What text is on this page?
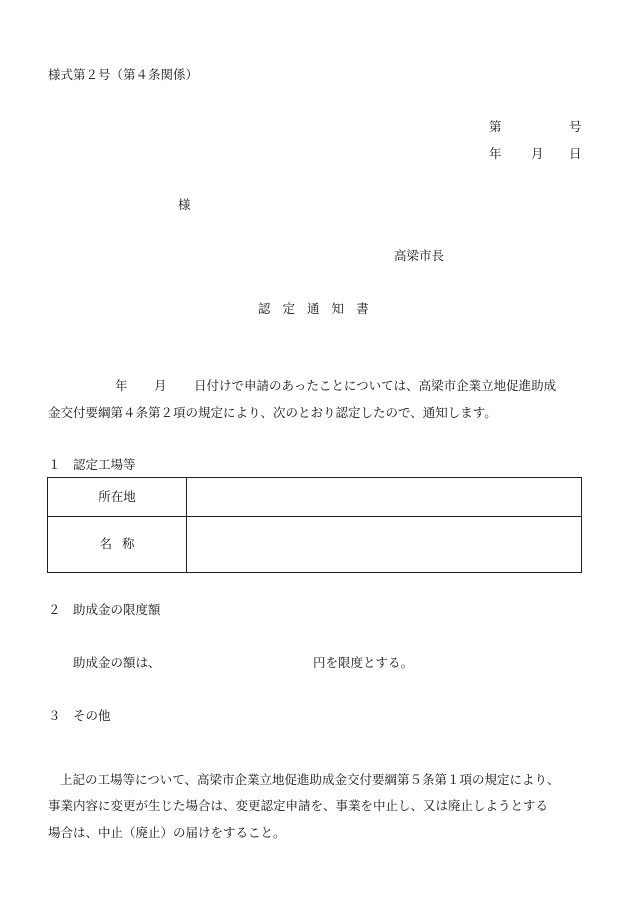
様式第２号（第４条関係）
第	号
年 月 日
様
高梁市長
認 定 通 知 書
年 月 日付けで申請のあったことについては、高梁市企業立地促進助成
金交付要綱第４条第２項の規定により、次のとおり認定したので、通知します。
１　認定工場等
所在地	
名 称	
２　助成金の限度額
助成金の額は、	円を限度とする。
３　その他
上記の工場等について、高梁市企業立地促進助成金交付要綱第５条第１項の規定により、
事業内容に変更が生じた場合は、変更認定申請を、事業を中止し、又は廃止しようとする
場合は、中止（廃止）の届けをすること。
